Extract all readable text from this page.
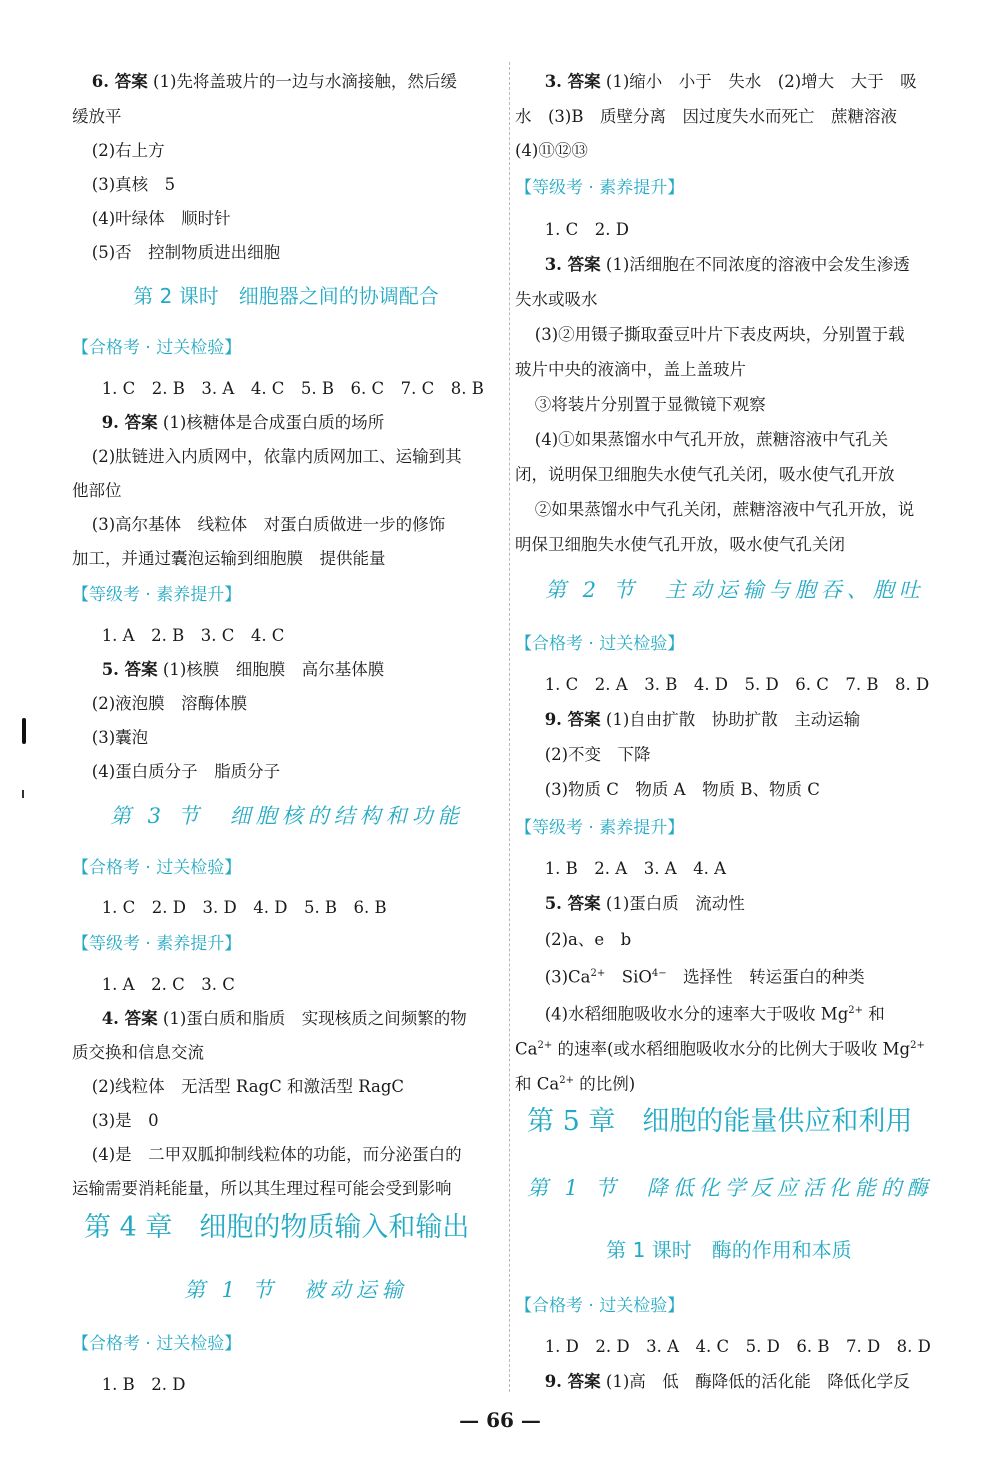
6. 答案 (1)先将盖玻片的一边与水滴接触，然后缓
缓放平
(2)右上方
(3)真核　5
(4)叶绿体　顺时针
(5)否　控制物质进出细胞
第 2 课时　细胞器之间的协调配合
【合格考 · 过关检验】
1. C　2. B　3. A　4. C　5. B　6. C　7. C　8. B
9. 答案 (1)核糖体是合成蛋白质的场所
(2)肽链进入内质网中，依靠内质网加工、运输到其
他部位
(3)高尔基体　线粒体　对蛋白质做进一步的修饰
加工，并通过囊泡运输到细胞膜　提供能量
【等级考 · 素养提升】
1. A　2. B　3. C　4. C
5. 答案 (1)核膜　细胞膜　高尔基体膜
(2)液泡膜　溶酶体膜
(3)囊泡
(4)蛋白质分子　脂质分子
第 3 节　细胞核的结构和功能
【合格考 · 过关检验】
1. C　2. D　3. D　4. D　5. B　6. B
【等级考 · 素养提升】
1. A　2. C　3. C
4. 答案 (1)蛋白质和脂质　实现核质之间频繁的物
质交换和信息交流
(2)线粒体　无活型 RagC 和激活型 RagC
(3)是　0
(4)是　二甲双胍抑制线粒体的功能，而分泌蛋白的
运输需要消耗能量，所以其生理过程可能会受到影响
第 4 章　细胞的物质输入和输出
第 1 节　被动运输
【合格考 · 过关检验】
1. B　2. D
3. 答案 (1)缩小　小于　失水　(2)增大　大于　吸
水　(3)B　质壁分离　因过度失水而死亡　蔗糖溶液
(4)⑪⑫⑬
【等级考 · 素养提升】
1. C　2. D
3. 答案 (1)活细胞在不同浓度的溶液中会发生渗透
失水或吸水
(3)②用镊子撕取蚕豆叶片下表皮两块，分别置于载
玻片中央的液滴中，盖上盖玻片
③将装片分别置于显微镜下观察
(4)①如果蒸馏水中气孔开放，蔗糖溶液中气孔关
闭，说明保卫细胞失水使气孔关闭，吸水使气孔开放
②如果蒸馏水中气孔关闭，蔗糖溶液中气孔开放，说
明保卫细胞失水使气孔开放，吸水使气孔关闭
第 2 节　主动运输与胞吞、胞吐
【合格考 · 过关检验】
1. C　2. A　3. B　4. D　5. D　6. C　7. B　8. D
9. 答案 (1)自由扩散　协助扩散　主动运输
(2)不变　下降
(3)物质 C　物质 A　物质 B、物质 C
【等级考 · 素养提升】
1. B　2. A　3. A　4. A
5. 答案 (1)蛋白质　流动性
(2)a、e　b
$(3)Ca^{2+}$　SiO$^{4-}$　选择性　转运蛋白的种类
(4)水稻细胞吸收水分的速率大于吸收 $Mg^{2+}$ 和
$Ca^{2+}$ 的速率(或水稻细胞吸收水分的比例大于吸收 $Mg^{2+}$
和 $Ca^{2+}$ 的比例)
第 5 章　细胞的能量供应和利用
第 1 节　降低化学反应活化能的酶
第 1 课时　酶的作用和本质
【合格考 · 过关检验】
1. D　2. D　3. A　4. C　5. D　6. B　7. D　8. D
9. 答案 (1)高　低　酶降低的活化能　降低化学反
— 66 —
